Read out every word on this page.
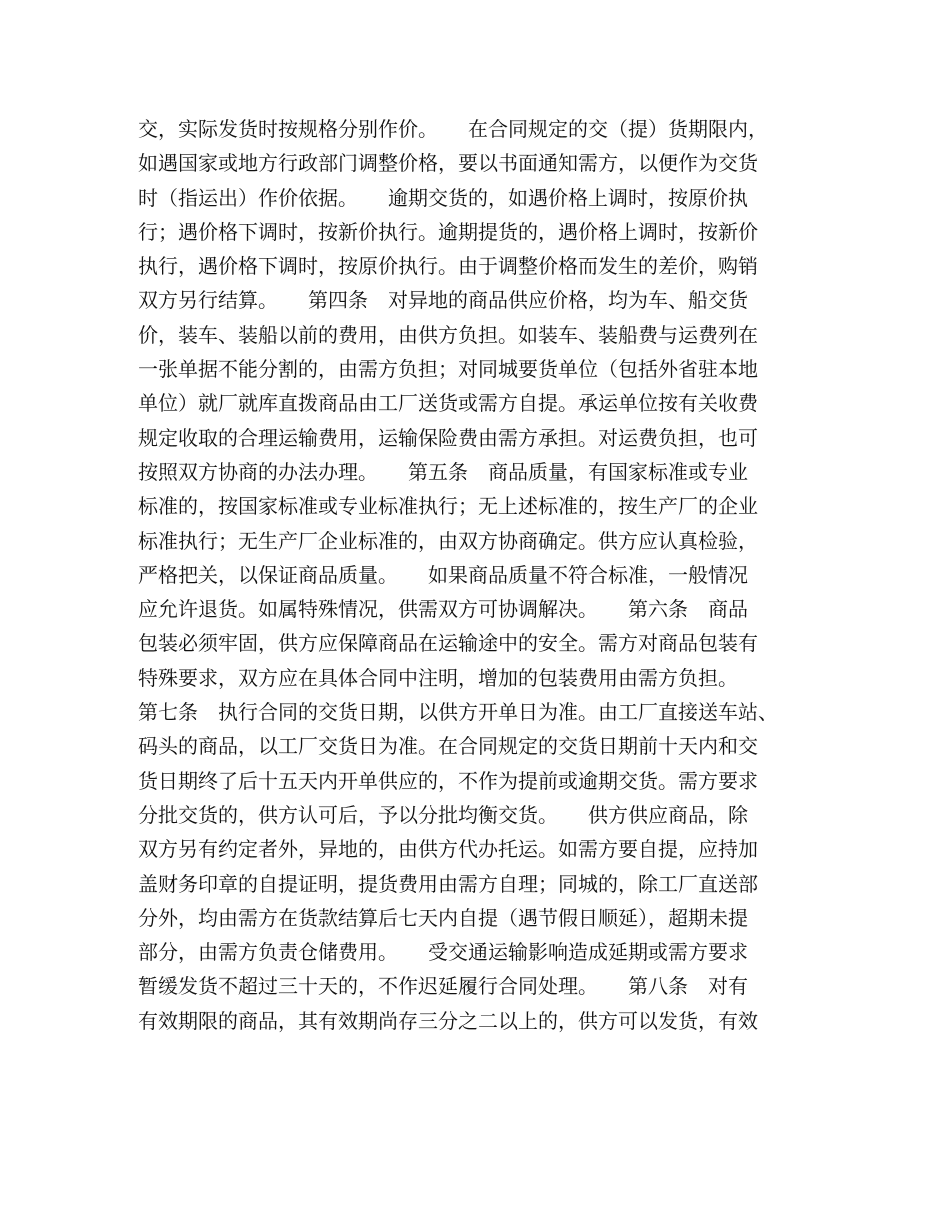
交，实际发货时按规格分别作价。　　在合同规定的交（提）货期限内，
如遇国家或地方行政部门调整价格，要以书面通知需方，以便作为交货
时（指运出）作价依据。　　逾期交货的，如遇价格上调时，按原价执
行；遇价格下调时，按新价执行。逾期提货的，遇价格上调时，按新价
执行，遇价格下调时，按原价执行。由于调整价格而发生的差价，购销
双方另行结算。　　第四条　对异地的商品供应价格，均为车、船交货
价，装车、装船以前的费用，由供方负担。如装车、装船费与运费列在
一张单据不能分割的，由需方负担；对同城要货单位（包括外省驻本地
单位）就厂就库直拨商品由工厂送货或需方自提。承运单位按有关收费
规定收取的合理运输费用，运输保险费由需方承担。对运费负担，也可
按照双方协商的办法办理。　　第五条　商品质量，有国家标准或专业
标准的，按国家标准或专业标准执行；无上述标准的，按生产厂的企业
标准执行；无生产厂企业标准的，由双方协商确定。供方应认真检验，
严格把关，以保证商品质量。　　如果商品质量不符合标准，一般情况
应允许退货。如属特殊情况，供需双方可协调解决。　　第六条　商品
包装必须牢固，供方应保障商品在运输途中的安全。需方对商品包装有
特殊要求，双方应在具体合同中注明，增加的包装费用由需方负担。
第七条　执行合同的交货日期，以供方开单日为准。由工厂直接送车站、
码头的商品，以工厂交货日为准。在合同规定的交货日期前十天内和交
货日期终了后十五天内开单供应的，不作为提前或逾期交货。需方要求
分批交货的，供方认可后，予以分批均衡交货。　　供方供应商品，除
双方另有约定者外，异地的，由供方代办托运。如需方要自提，应持加
盖财务印章的自提证明，提货费用由需方自理；同城的，除工厂直送部
分外，均由需方在货款结算后七天内自提（遇节假日顺延），超期未提
部分，由需方负责仓储费用。　　受交通运输影响造成延期或需方要求
暂缓发货不超过三十天的，不作迟延履行合同处理。　　第八条　对有
有效期限的商品，其有效期尚存三分之二以上的，供方可以发货，有效
